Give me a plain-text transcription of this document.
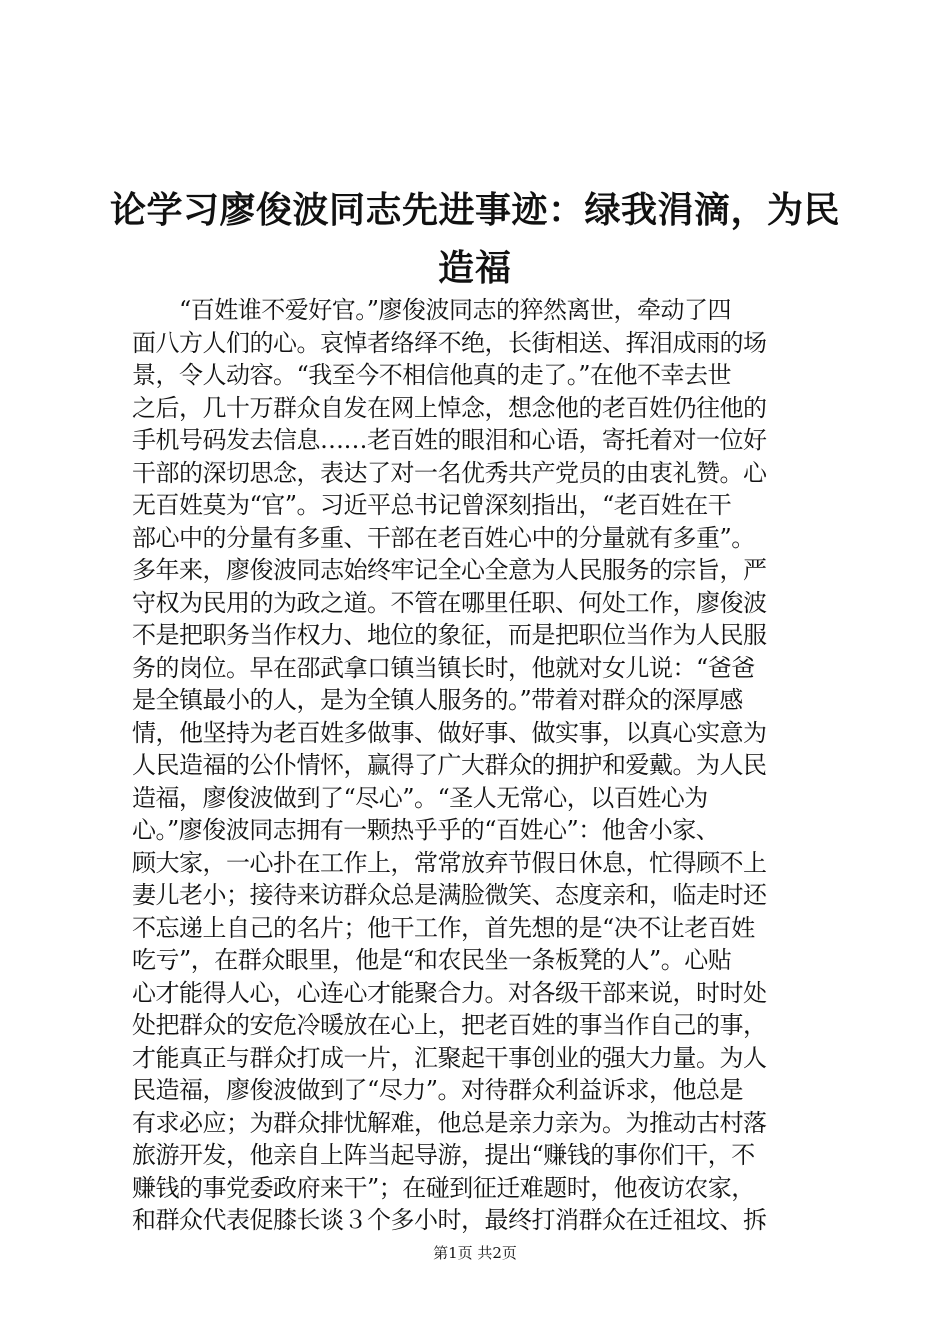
论学习廖俊波同志先进事迹：绿我涓滴，为民
造福
　　“百姓谁不爱好官。”廖俊波同志的猝然离世，牵动了四
面八方人们的心。哀悼者络绎不绝，长街相送、挥泪成雨的场
景，令人动容。“我至今不相信他真的走了。”在他不幸去世
之后，几十万群众自发在网上悼念，想念他的老百姓仍往他的
手机号码发去信息……老百姓的眼泪和心语，寄托着对一位好
干部的深切思念，表达了对一名优秀共产党员的由衷礼赞。心
无百姓莫为“官”。习近平总书记曾深刻指出，“老百姓在干
部心中的分量有多重、干部在老百姓心中的分量就有多重”。
多年来，廖俊波同志始终牢记全心全意为人民服务的宗旨，严
守权为民用的为政之道。不管在哪里任职、何处工作，廖俊波
不是把职务当作权力、地位的象征，而是把职位当作为人民服
务的岗位。早在邵武拿口镇当镇长时，他就对女儿说：“爸爸
是全镇最小的人，是为全镇人服务的。”带着对群众的深厚感
情，他坚持为老百姓多做事、做好事、做实事，以真心实意为
人民造福的公仆情怀，赢得了广大群众的拥护和爱戴。为人民
造福，廖俊波做到了“尽心”。“圣人无常心，以百姓心为
心。”廖俊波同志拥有一颗热乎乎的“百姓心”：他舍小家、
顾大家，一心扑在工作上，常常放弃节假日休息，忙得顾不上
妻儿老小；接待来访群众总是满脸微笑、态度亲和，临走时还
不忘递上自己的名片；他干工作，首先想的是“决不让老百姓
吃亏”，在群众眼里，他是“和农民坐一条板凳的人”。心贴
心才能得人心，心连心才能聚合力。对各级干部来说，时时处
处把群众的安危冷暖放在心上，把老百姓的事当作自己的事，
才能真正与群众打成一片，汇聚起干事创业的强大力量。为人
民造福，廖俊波做到了“尽力”。对待群众利益诉求，他总是
有求必应；为群众排忧解难，他总是亲力亲为。为推动古村落
旅游开发，他亲自上阵当起导游，提出“赚钱的事你们干，不
赚钱的事党委政府来干”；在碰到征迁难题时，他夜访农家，
和群众代表促膝长谈３个多小时，最终打消群众在迁祖坟、拆
第1页 共2页
